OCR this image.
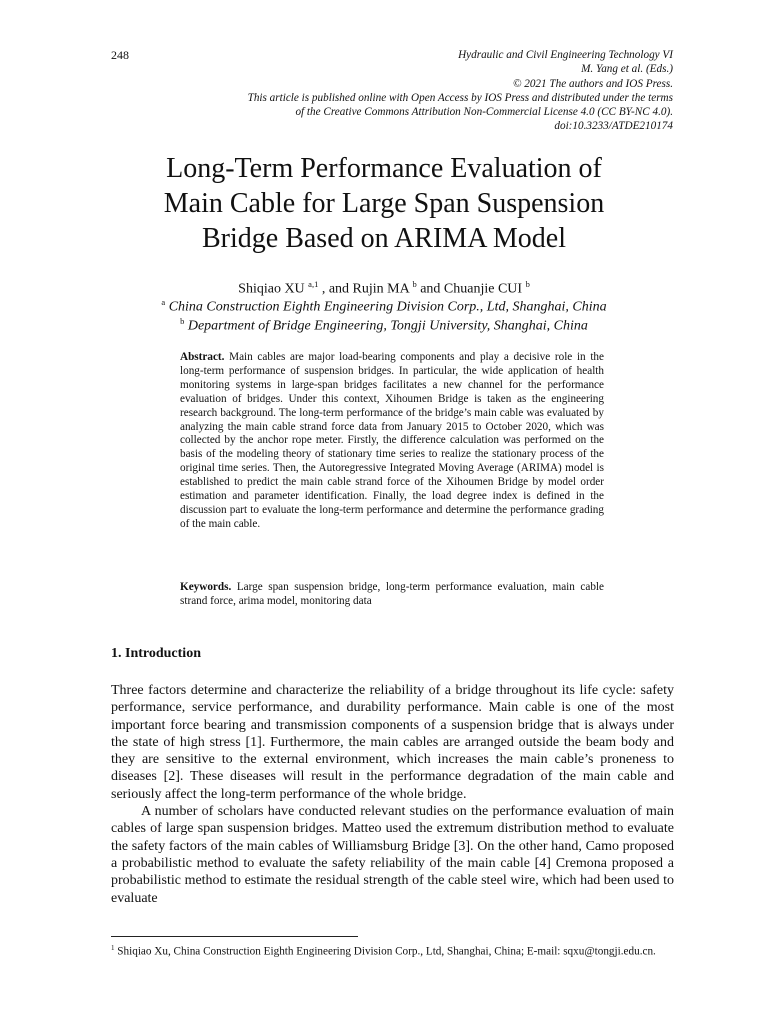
248	Hydraulic and Civil Engineering Technology VI
M. Yang et al. (Eds.)
© 2021 The authors and IOS Press.
This article is published online with Open Access by IOS Press and distributed under the terms
of the Creative Commons Attribution Non-Commercial License 4.0 (CC BY-NC 4.0).
doi:10.3233/ATDE210174
Long-Term Performance Evaluation of
Main Cable for Large Span Suspension
Bridge Based on ARIMA Model
Shiqiao XU $^{a,1}$ , and Rujin MA $^b$ and Chuanjie CUI $^b$
$^a$ China Construction Eighth Engineering Division Corp., Ltd, Shanghai, China
$^b$ Department of Bridge Engineering, Tongji University, Shanghai, China
Abstract. Main cables are major load-bearing components and play a decisive role in the long-term performance of suspension bridges. In particular, the wide application of health monitoring systems in large-span bridges facilitates a new channel for the performance evaluation of bridges. Under this context, Xihoumen Bridge is taken as the engineering research background. The long-term performance of the bridge’s main cable was evaluated by analyzing the main cable strand force data from January 2015 to October 2020, which was collected by the anchor rope meter. Firstly, the difference calculation was performed on the basis of the modeling theory of stationary time series to realize the stationary process of the original time series. Then, the Autoregressive Integrated Moving Average (ARIMA) model is established to predict the main cable strand force of the Xihoumen Bridge by model order estimation and parameter identification. Finally, the load degree index is defined in the discussion part to evaluate the long-term performance and determine the performance grading of the main cable.
Keywords. Large span suspension bridge, long-term performance evaluation, main cable strand force, arima model, monitoring data
1. Introduction

Three factors determine and characterize the reliability of a bridge throughout its life cycle: safety performance, service performance, and durability performance. Main cable is one of the most important force bearing and transmission components of a suspension bridge that is always under the state of high stress [1]. Furthermore, the main cables are arranged outside the beam body and they are sensitive to the external environment, which increases the main cable’s proneness to diseases [2]. These diseases will result in the performance degradation of the main cable and seriously affect the long-term performance of the whole bridge.

A number of scholars have conducted relevant studies on the performance evaluation of main cables of large span suspension bridges. Matteo used the extremum distribution method to evaluate the safety factors of the main cables of Williamsburg Bridge [3]. On the other hand, Camo proposed a probabilistic method to evaluate the safety reliability of the main cable [4] Cremona proposed a probabilistic method to estimate the residual strength of the cable steel wire, which had been used to evaluate

$^1$ Shiqiao Xu, China Construction Eighth Engineering Division Corp., Ltd, Shanghai, China; E-mail: sqxu@tongji.edu.cn.
